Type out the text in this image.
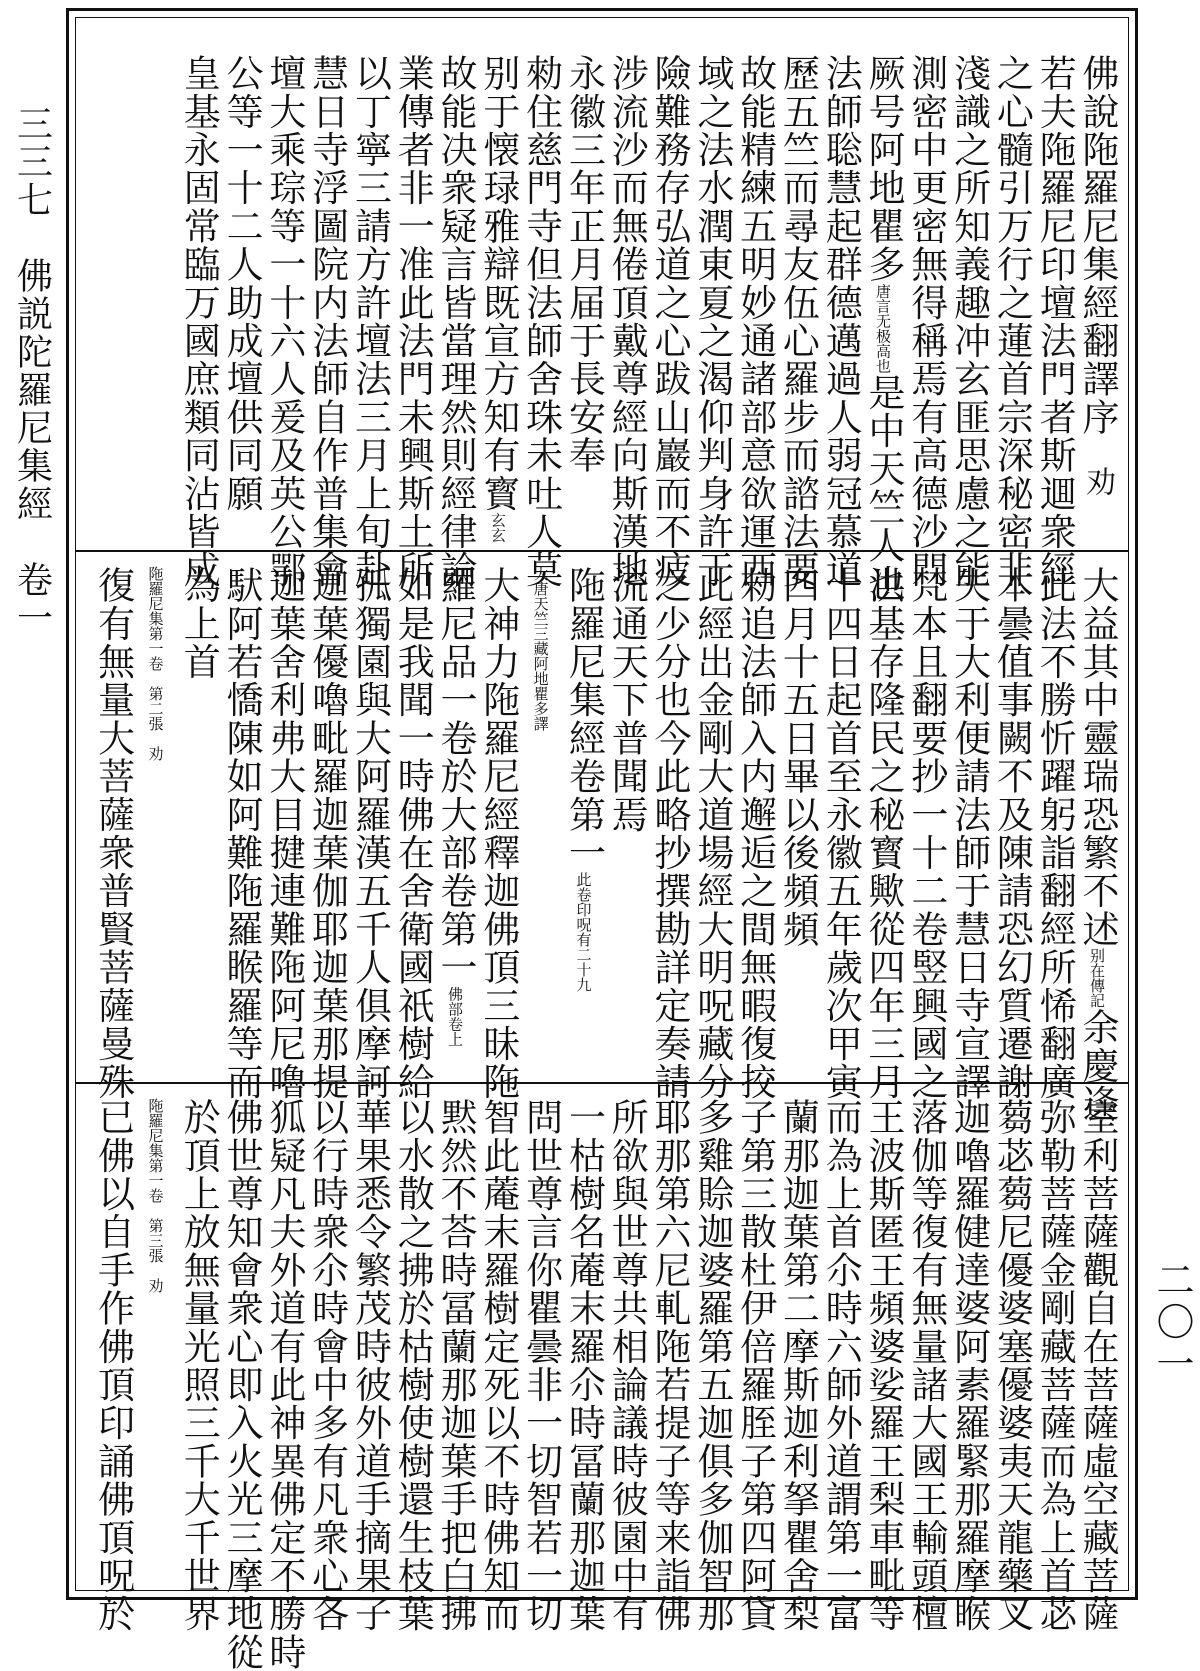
三三七　佛説陀羅尼集經　卷一
二〇一
佛說陁羅尼集經翻譯序劝
若夫陁羅尼印壇法門者斯逥衆經
之心髓引万行之蓮首宗深秘密非
淺識之所知義趣冲玄匪思慮之能
測密中更密無得稱焉有高德沙門
厥号阿地瞿多唐言无极高也是中天竺人也
法師聡慧起群德邁過人弱冠慕道
歷五竺而尋友伍心羅步而諮法要
故能精練五明妙通諸部意欲運西
域之法水潤東夏之渴仰判身許于
險難務存弘道之心跋山巖而不疲
涉流沙而無倦頂戴尊經向斯漢地
永徽三年正月届于長安奉
勑住慈門寺但法師舍珠未吐人莫
别于懐琭雅辯既宣方知有寳玄玄
故能决衆疑言皆當理然則經律論
業傳者非一准此法門未興斯土所
以丁寧三請方許壇法三月上旬赴
慧日寺浮圖院内法師自作普集會
壇大乘琮等一十六人爰及英公鄂
公等一十二人助成壇供同願
皇基永固常臨万國庶類同沾皆成
大益其中靈瑞恐繁不述别在傳記余慶逢
此法不勝忻躍躬詣翻經所悕翻廣
本曇值事闕不及陳請恐幻質遷謝
失于大利便請法師于慧日寺宣譯
梵本且翻要抄一十二卷竪興國之
洪基存隆民之秘寳歟從四年三月
十四日起首至永徽五年歲次甲寅
四月十五日畢以後頻頻
勑追法師入内邂逅之間無暇復挍
此經出金剛大道場經大明呪藏分
之少分也今此略抄撰勘詳定奏請
流通天下普聞焉
陁羅尼集經卷第一此卷印呪有二十九
大唐天竺三藏阿地瞿多譯
大神力陁羅尼經釋迦佛頂三昧陁
羅尼品一卷於大部卷第一佛部卷上
如是我聞一時佛在舍衛國祇樹給
孤獨園與大阿羅漢五千人俱摩訶
迦葉優嚕毗羅迦葉伽耶迦葉那提
迦葉舍利弗大目揵連難陁阿尼嚕
䭾阿若憍陳如阿難陁羅睺羅等而
為上首
陁羅尼集第一卷　第二張　劝
復有無量大菩薩衆普賢菩薩曼殊
室利菩薩觀自在菩薩虛空藏菩薩
弥勒菩薩金剛藏菩薩而為上首苾
蒭苾蒭尼優婆塞優婆夷天龍藥叉
迦嚕羅健達婆阿素羅緊那羅摩睺
落伽等復有無量諸大國王輸頭檀
王波斯匿王頻婆娑羅王梨車毗等
而為上首尒時六師外道謂第一富
蘭那迦葉第二摩斯迦利拏瞿舍梨
子第三散杜伊倍羅胵子第四阿貸
多雞賒迦婆羅第五迦俱多伽智那
耶那第六尼軋陁若提子等来詣佛
所欲與世尊共相論議時彼園中有
一枯樹名蓭末羅尒時冨蘭那迦葉
問世尊言你瞿曇非一切智若一切
智此蓭末羅樹定死以不時佛知而
黙然不荅時冨蘭那迦葉手把白拂
以水散之拂於枯樹使樹還生枝葉
華果悉令繁茂時彼外道手摘果子
以行時衆尒時會中多有凡衆心各
狐疑凡夫外道有此神異佛定不勝時
佛世尊知會衆心即入火光三摩地從
於頂上放無量光照三千大千世界
陁羅尼集第一卷　第三張　劝
已佛以自手作佛頂印誦佛頂呪於
